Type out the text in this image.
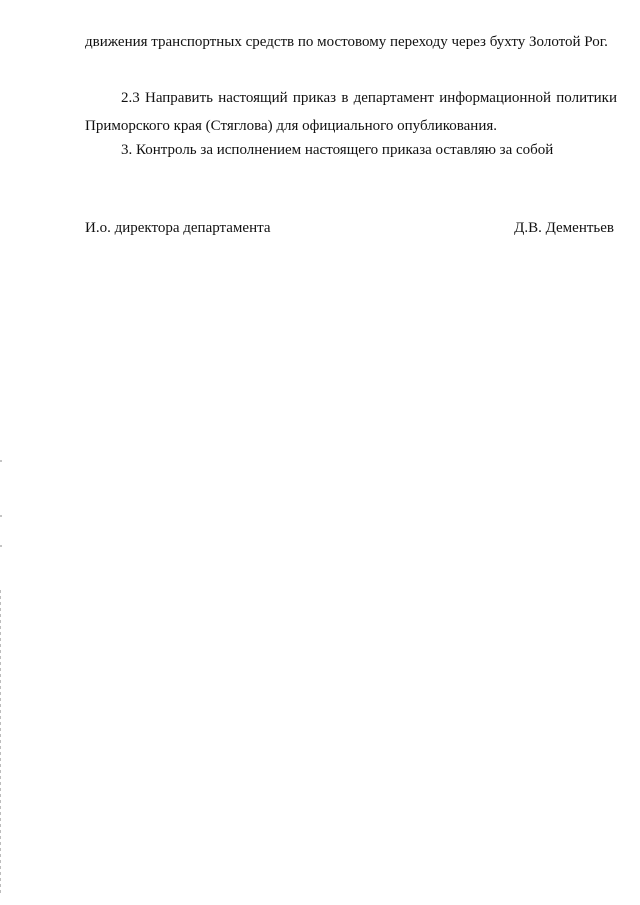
движения транспортных средств по мостовому переходу через бухту Золотой Рог.

2.3 Направить настоящий приказ в департамент информационной политики Приморского края (Стяглова) для официального опубликования.

3. Контроль за исполнением настоящего приказа оставляю за собой

И.о. директора департамента	Д.В. Дементьев
